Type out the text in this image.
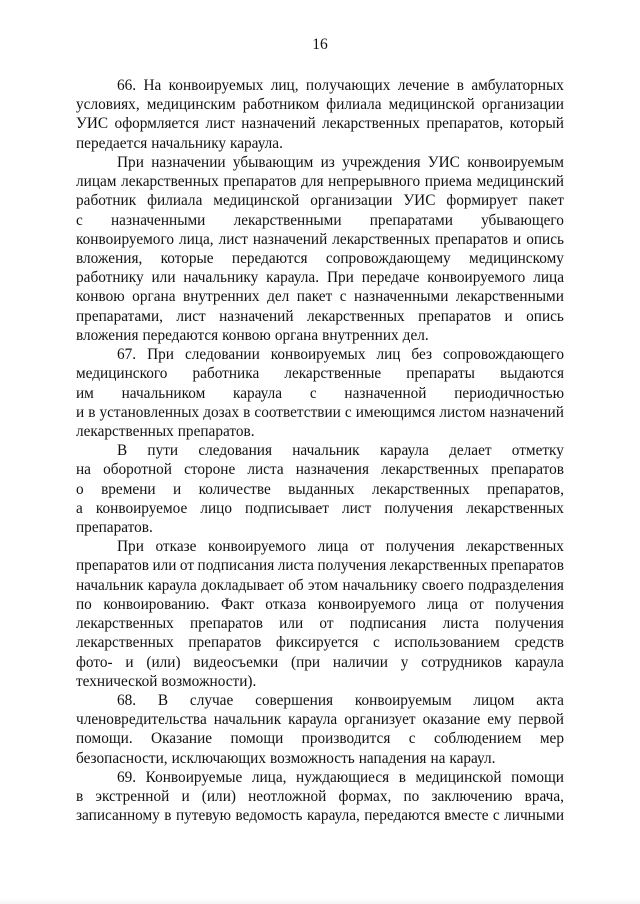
16
66. На конвоируемых лиц, получающих лечение в амбулаторных
условиях, медицинским работником филиала медицинской организации
УИС оформляется лист назначений лекарственных препаратов, который
передается начальнику караула.
При назначении убывающим из учреждения УИС конвоируемым
лицам лекарственных препаратов для непрерывного приема медицинский
работник филиала медицинской организации УИС формирует пакет
с назначенными лекарственными препаратами убывающего
конвоируемого лица, лист назначений лекарственных препаратов и опись
вложения, которые передаются сопровождающему медицинскому
работнику или начальнику караула. При передаче конвоируемого лица
конвою органа внутренних дел пакет с назначенными лекарственными
препаратами, лист назначений лекарственных препаратов и опись
вложения передаются конвою органа внутренних дел.
67. При следовании конвоируемых лиц без сопровождающего
медицинского работника лекарственные препараты выдаются
им начальником караула с назначенной периодичностью
и в установленных дозах в соответствии с имеющимся листом назначений
лекарственных препаратов.
В пути следования начальник караула делает отметку
на оборотной стороне листа назначения лекарственных препаратов
о времени и количестве выданных лекарственных препаратов,
а конвоируемое лицо подписывает лист получения лекарственных
препаратов.
При отказе конвоируемого лица от получения лекарственных
препаратов или от подписания листа получения лекарственных препаратов
начальник караула докладывает об этом начальнику своего подразделения
по конвоированию. Факт отказа конвоируемого лица от получения
лекарственных препаратов или от подписания листа получения
лекарственных препаратов фиксируется с использованием средств
фото- и (или) видеосъемки (при наличии у сотрудников караула
технической возможности).
68. В случае совершения конвоируемым лицом акта
членовредительства начальник караула организует оказание ему первой
помощи. Оказание помощи производится с соблюдением мер
безопасности, исключающих возможность нападения на караул.
69. Конвоируемые лица, нуждающиеся в медицинской помощи
в экстренной и (или) неотложной формах, по заключению врача,
записанному в путевую ведомость караула, передаются вместе с личными
